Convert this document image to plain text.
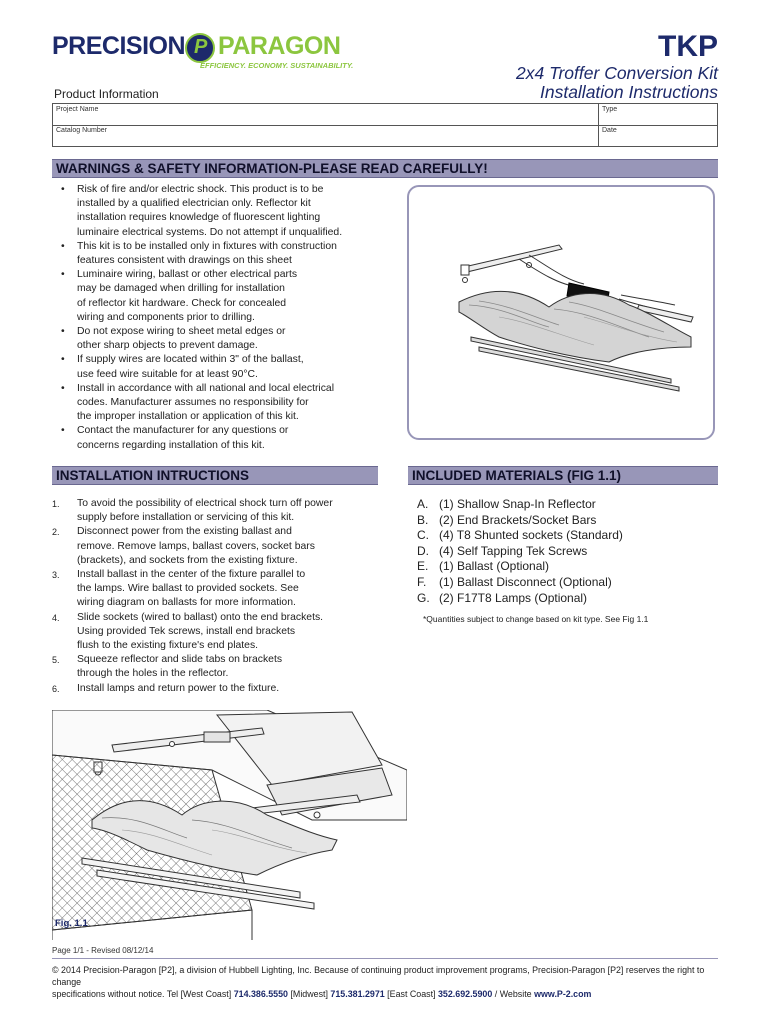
PRECISION
P PARAGON
EFFICIENCY. ECONOMY. SUSTAINABILITY.
TKP
2x4 Troffer Conversion Kit
Installation Instructions
Product Information
Project Name	Type
Catalog Number	Date
WARNINGS & SAFETY INFORMATION-PLEASE READ CAREFULLY!
• Risk of fire and/or electric shock. This product is to be
installed by a qualified electrician only. Reflector kit
installation requires knowledge of fluorescent lighting
luminaire electrical systems. Do not attempt if unqualified.
• This kit is to be installed only in fixtures with construction
features consistent with drawings on this sheet
• Luminaire wiring, ballast or other electrical parts
may be damaged when drilling for installation
of reflector kit hardware. Check for concealed
wiring and components prior to drilling.
• Do not expose wiring to sheet metal edges or
other sharp objects to prevent damage.
• If supply wires are located within 3" of the ballast,
use feed wire suitable for at least 90°C.
• Install in accordance with all national and local electrical
codes. Manufacturer assumes no responsibility for
the improper installation or application of this kit.
• Contact the manufacturer for any questions or
concerns regarding installation of this kit.
INSTALLATION INTRUCTIONS
1. To avoid the possibility of electrical shock turn off power
supply before installation or servicing of this kit.
2. Disconnect power from the existing ballast and
remove. Remove lamps, ballast covers, socket bars
(brackets), and sockets from the existing fixture.
3. Install ballast in the center of the fixture parallel to
the lamps. Wire ballast to provided sockets. See
wiring diagram on ballasts for more information.
4. Slide sockets (wired to ballast) onto the end brackets.
Using provided Tek screws, install end brackets
flush to the existing fixture's end plates.
5. Squeeze reflector and slide tabs on brackets
through the holes in the reflector.
6. Install lamps and return power to the fixture.
INCLUDED MATERIALS (FIG 1.1)
A. (1) Shallow Snap-In Reflector
B. (2) End Brackets/Socket Bars
C. (4) T8 Shunted sockets (Standard)
D. (4) Self Tapping Tek Screws
E. (1) Ballast (Optional)
F. (1) Ballast Disconnect (Optional)
G. (2) F17T8 Lamps (Optional)
*Quantities subject to change based on kit type. See Fig 1.1
Fig. 1.1
Page 1/1 - Revised 08/12/14
© 2014 Precision-Paragon [P2], a division of Hubbell Lighting, Inc. Because of continuing product improvement programs, Precision-Paragon [P2] reserves the right to change
specifications without notice. Tel [West Coast] 714.386.5550 [Midwest] 715.381.2971 [East Coast] 352.692.5900 / Website www.P-2.com
